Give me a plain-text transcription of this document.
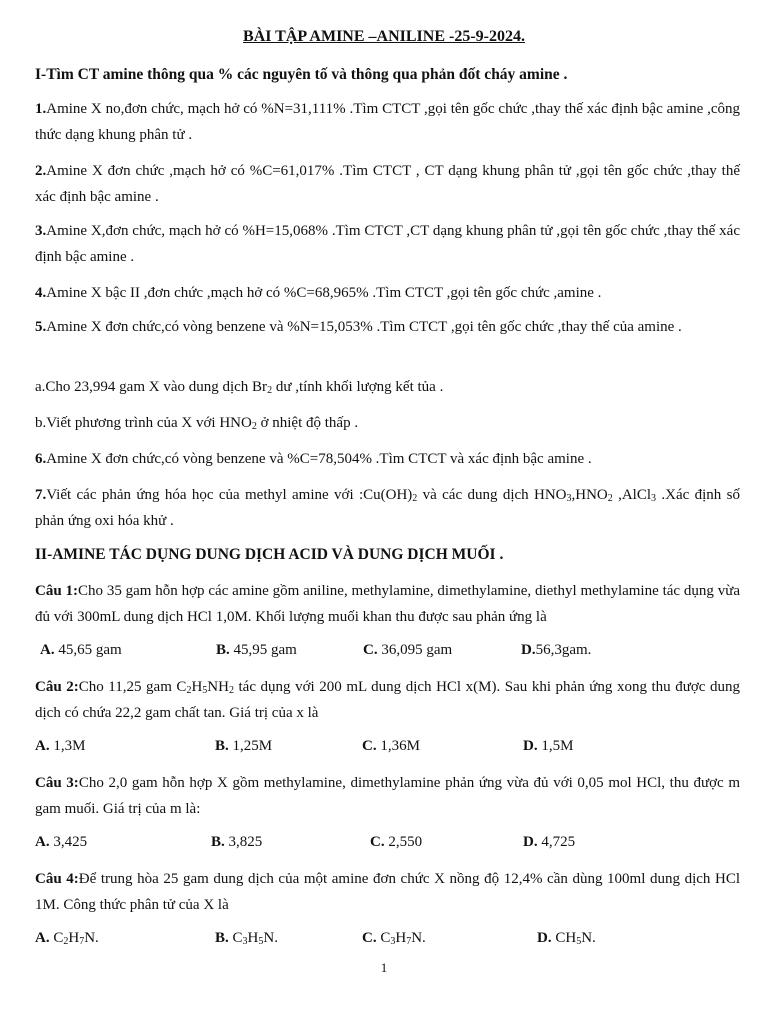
BÀI TẬP AMINE –ANILINE -25-9-2024.
I-Tìm CT amine thông qua % các nguyên tố và thông qua phản đốt cháy amine .
1.Amine X no,đơn chức, mạch hở có %N=31,111% .Tìm CTCT ,gọi tên gốc chức ,thay thế xác định bậc amine ,công thức dạng khung phân tử .
2.Amine X đơn chức ,mạch hở có %C=61,017% .Tìm CTCT , CT dạng khung phân tử ,gọi tên gốc chức ,thay thế xác định bậc amine .
3.Amine X,đơn chức, mạch hở có %H=15,068% .Tìm CTCT ,CT dạng khung phân tử ,gọi tên gốc chức ,thay thế xác định bậc amine .
4.Amine X bậc II ,đơn chức ,mạch hở có %C=68,965% .Tìm CTCT ,gọi tên gốc chức ,amine .
5.Amine X đơn chức,có vòng benzene và %N=15,053% .Tìm CTCT ,gọi tên gốc chức ,thay thế của amine .
a.Cho 23,994 gam X vào dung dịch $Br_2$ dư ,tính khối lượng kết tủa .
b.Viết phương trình của X với $HNO_2$ ở nhiệt độ thấp .
6.Amine X đơn chức,có vòng benzene và %C=78,504% .Tìm CTCT và xác định bậc amine .
7.Viết các phản ứng hóa học của methyl amine với $:Cu(OH)_2$ và các dung dịch $HNO_3,HNO_2$ ,AlCl$_3$ .Xác định số phản ứng oxi hóa khử .
II-AMINE TÁC DỤNG DUNG DỊCH ACID VÀ DUNG DỊCH MUỐI .
Câu 1:Cho 35 gam hỗn hợp các amine gồm aniline, methylamine, dimethylamine, diethyl methylamine tác dụng vừa đủ với 300mL dung dịch HCl 1,0M. Khối lượng muối khan thu được sau phản ứng là
A. 45,65 gam	B. 45,95 gam	C. 36,095 gam	D.56,3gam.
Câu 2:Cho 11,25 gam $C_2H_5NH_2$ tác dụng với 200 mL dung dịch HCl x(M). Sau khi phản ứng xong thu được dung dịch có chứa 22,2 gam chất tan. Giá trị của x là
A. 1,3M	B. 1,25M	C. 1,36M	D. 1,5M
Câu 3:Cho 2,0 gam hỗn hợp X gồm methylamine, dimethylamine phản ứng vừa đủ với 0,05 mol HCl, thu được m gam muối. Giá trị của m là:
A. 3,425	B. 3,825	C. 2,550	D. 4,725
Câu 4:Để trung hòa 25 gam dung dịch của một amine đơn chức X nồng độ 12,4% cần dùng 100ml dung dịch HCl 1M. Công thức phân tử của X là
A. $C_2H_7N$.	B. $C_3H_5N$.	C. $C_3H_7N$.	D. $CH_5N$.
1
